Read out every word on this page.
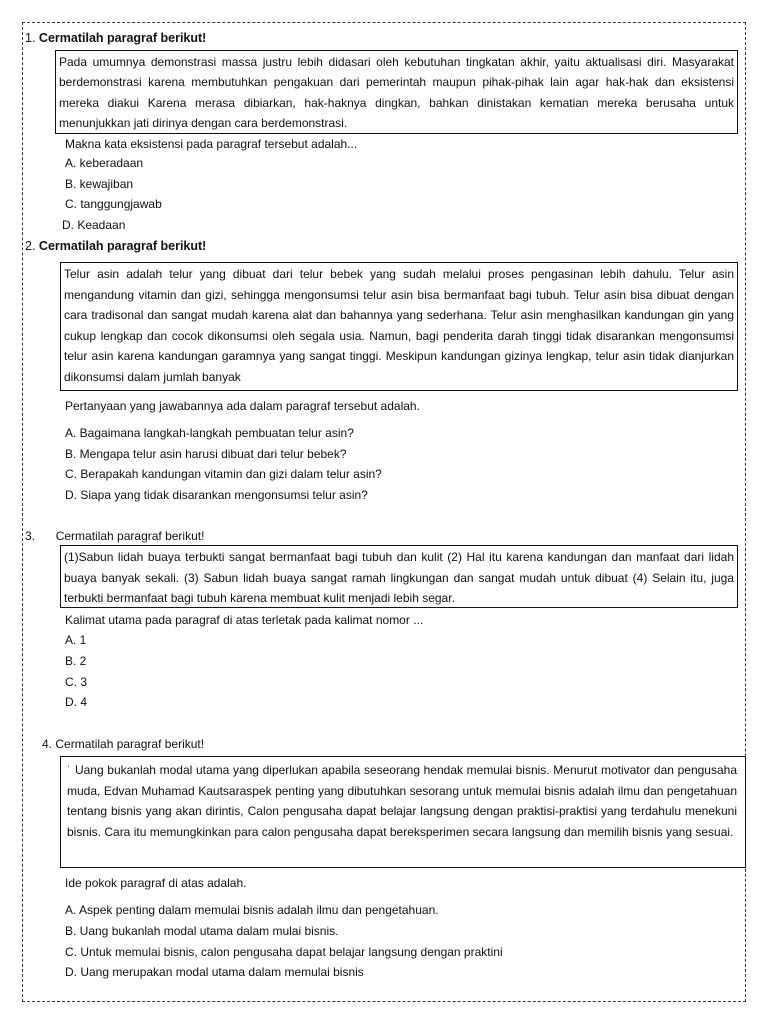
1. Cermatilah paragraf berikut!
Pada umumnya demonstrasi massa justru lebih didasari oleh kebutuhan tingkatan akhir, yaitu aktualisasi diri. Masyarakat berdemonstrasi karena membutuhkan pengakuan dari pemerintah maupun pihak-pihak lain agar hak-hak dan eksistensi mereka diakui Karena merasa dibiarkan, hak-haknya dingkan, bahkan dinistakan kematian mereka berusaha untuk menunjukkan jati dirinya dengan cara berdemonstrasi.
Makna kata eksistensi pada paragraf tersebut adalah...
A. keberadaan
B. kewajiban
C. tanggungjawab
D. Keadaan
2. Cermatilah paragraf berikut!
Telur asin adalah telur yang dibuat dari telur bebek yang sudah melalui proses pengasinan lebih dahulu. Telur asin mengandung vitamin dan gizi, sehingga mengonsumsi telur asin bisa bermanfaat bagi tubuh. Telur asin bisa dibuat dengan cara tradisonal dan sangat mudah karena alat dan bahannya yang sederhana. Telur asin menghasilkan kandungan gin yang cukup lengkap dan cocok dikonsumsi oleh segala usia. Namun, bagi penderita darah tinggi tidak disarankan mengonsumsi telur asin karena kandungan garamnya yang sangat tinggi. Meskipun kandungan gizinya lengkap, telur asin tidak dianjurkan dikonsumsi dalam jumlah banyak
Pertanyaan yang jawabannya ada dalam paragraf tersebut adalah.
A. Bagaimana langkah-langkah pembuatan telur asin?
B. Mengapa telur asin harusi dibuat dari telur bebek?
C. Berapakah kandungan vitamin dan gizi dalam telur asin?
D. Siapa yang tidak disarankan mengonsumsi telur asin?
3. Cermatilah paragraf berikut!
(1)Sabun lidah buaya terbukti sangat bermanfaat bagi tubuh dan kulit (2) Hal itu karena kandungan dan manfaat dari lidah buaya banyak sekali. (3) Sabun lidah buaya sangat ramah lingkungan dan sangat mudah untuk dibuat (4) Selain itu, juga terbukti bermanfaat bagi tubuh karena membuat kulit menjadi lebih segar.
Kalimat utama pada paragraf di atas terletak pada kalimat nomor ...
A. 1
B. 2
C. 3
D. 4
4. Cermatilah paragraf berikut!
˙ Uang bukanlah modal utama yang diperlukan apabila seseorang hendak memulai bisnis. Menurut motivator dan pengusaha muda, Edvan Muhamad Kautsaraspek penting yang dibutuhkan sesorang untuk memulai bisnis adalah ilmu dan pengetahuan tentang bisnis yang akan dirintis, Calon pengusaha dapat belajar langsung dengan praktisi-praktisi yang terdahulu menekuni bisnis. Cara itu memungkinkan para calon pengusaha dapat bereksperimen secara langsung dan memilih bisnis yang sesuai.
Ide pokok paragraf di atas adalah.
A. Aspek penting dalam memulai bisnis adalah ilmu dan pengetahuan.
B. Uang bukanlah modal utama dalam mulai bisnis.
C. Untuk memulai bisnis, calon pengusaha dapat belajar langsung dengan praktini
D. Uang merupakan modal utama dalam memulai bisnis
